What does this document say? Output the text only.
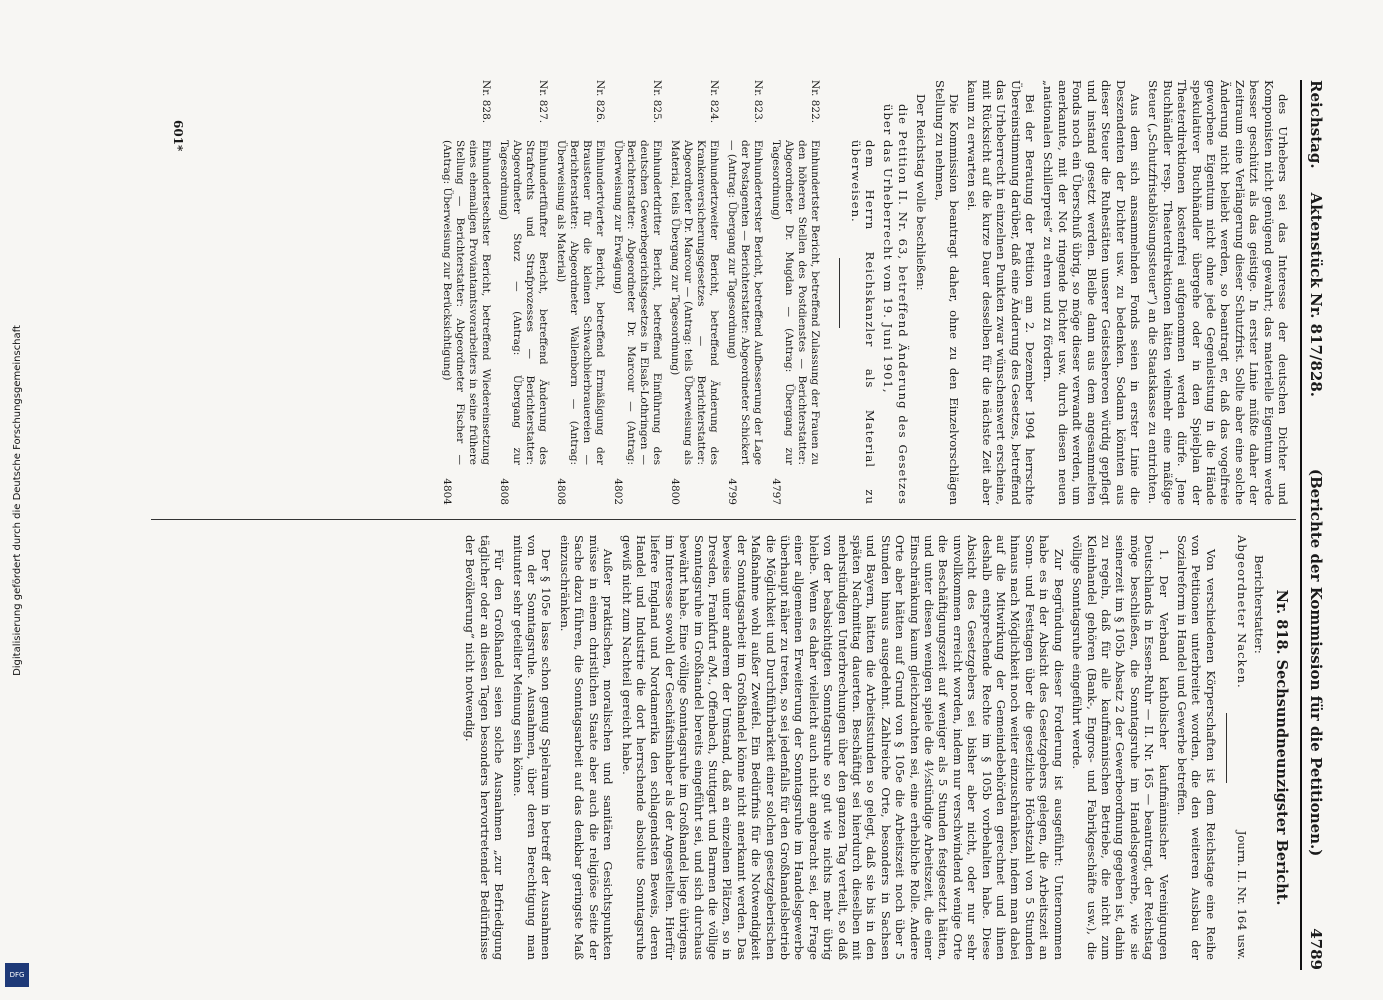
Reichstag.
Aktenstück Nr. 817/828.
(Berichte der Kommission für die Petitionen.)
4789

des Urhebers sei das Interesse der deutschen Dichter und Komponisten nicht genügend gewahrt; das materielle Eigentum werde besser geschützt als das geistige. In erster Linie müßte daher der Zeitraum eine Verlängerung dieser Schutzfrist. Sollte aber eine solche Änderung nicht beliebt werden, so beantragt er, daß das vogelfreie geworbene Eigentum nicht ohne jede Gegenleistung in die Hände spekulativer Buchhändler übergehe oder in den Spielplan der Theaterdirektionen kostenfrei aufgenommen werden dürfe. Jene Buchhändler resp. Theaterdirektionen hätten vielmehr eine mäßige Steuer („Schutzfristablösungssteuer“) an die Staatskasse zu entrichten.

Aus dem sich ansammelnden Fonds seien in erster Linie die Deszendenten der Dichter usw. zu bedenken. Sodann könnten aus dieser Steuer die Ruhestätten unserer Geistesheroen würdig gepflegt und instand gesetzt werden. Bleibe dann aus dem angesammelten Fonds noch ein Überschuß übrig, so möge dieser verwandt werden, um anerkannte, mit der Not ringende Dichter usw. durch diesen neuen „nationalen Schillerpreis“ zu ehren und zu fördern.

Bei der Beratung der Petition am 2. Dezember 1904 herrschte Übereinstimmung darüber, daß eine Änderung des Gesetzes, betreffend das Urheberrecht in einzelnen Punkten zwar wünschenswert erscheine, mit Rücksicht auf die kurze Dauer desselben für die nächste Zeit aber kaum zu erwarten sei.

Die Kommission beantragt daher, ohne zu den Einzelvorschlägen Stellung zu nehmen,

Der Reichstag wolle beschließen:

die Petition II. Nr. 63, betreffend Änderung des Gesetzes über das Urheberrecht vom 19. Juni 1901,

dem Herrn Reichskanzler als Material zu überweisen.

Nr. 822.
Einhundertster Bericht, betreffend Zulassung der Frauen zu den höheren Stellen des Postdienstes — Berichterstatter: Abgeordneter Dr. Mugdan — (Antrag: Übergang zur Tagesordnung)
4797
Nr. 823.
Einhunderterster Bericht, betreffend Aufbesserung der Lage der Postagenten — Berichterstatter: Abgeordneter Schickert — (Antrag: Übergang zur Tagesordnung)
4799
Nr. 824.
Einhundertzweiter Bericht, betreffend Änderung des Krankenversicherungsgesetzes — Berichterstatter: Abgeordneter Dr. Marcour — (Antrag: teils Überweisung als Material, teils Übergang zur Tagesordnung)
4800
Nr. 825.
Einhundertdritter Bericht, betreffend Einführung des deutschen Gewerbegerichtsgesetzes in Elsaß-Lothringen — Berichterstatter: Abgeordneter Dr. Marcour — (Antrag: Überweisung zur Erwägung)
4802
Nr. 826.
Einhundertvierter Bericht, betreffend Ermäßigung der Brausteuer für die kleinen Schwachbierbrauereien — Berichterstatter: Abgeordneter Wallenborn — (Antrag: Überweisung als Material)
4808
Nr. 827.
Einhundertfünfter Bericht, betreffend Änderung des Strafrechts und Strafprozesses — Berichterstatter: Abgeordneter Storz — (Antrag: Übergang zur Tagesordnung)
4808
Nr. 828.
Einhundertsechster Bericht, betreffend Wiedereinsetzung eines ehemaligen Proviantamtsvorarbeiters in seine frühere Stellung — Berichterstatter: Abgeordneter Fischer — (Antrag: Überweisung zur Berücksichtigung)
4804
Nr. 818. Sechsundneunzigster Bericht.
Berichterstatter:
Abgeordneter Nacken.
Journ. II. Nr. 164 usw.

Von verschiedenen Körperschaften ist dem Reichstage eine Reihe von Petitionen unterbreitet worden, die den weiteren Ausbau der Sozialreform in Handel und Gewerbe betreffen.

1. Der Verband katholischer kaufmännischer Vereinigungen Deutschlands in Essen-Ruhr — II. Nr. 165 — beantragt, der Reichstag möge beschließen, die Sonntagsruhe im Handelsgewerbe, wie sie seinerzeit im § 105b Absatz 2 der Gewerbeordnung gegeben ist, dahin zu regeln, daß für alle kaufmännischen Betriebe, die nicht zum Kleinhandel gehören (Bank-, Engros- und Fabrikgeschäfte usw.), die völlige Sonntagsruhe eingeführt werde.

Zur Begründung dieser Forderung ist ausgeführt: Unternommen habe es in der Absicht des Gesetzgebers gelegen, die Arbeitszeit an Sonn- und Festtagen über die gesetzliche Höchstzahl von 5 Stunden hinaus nach Möglichkeit noch weiter einzuschränken, indem man dabei auf die Mitwirkung der Gemeindebehörden gerechnet und ihnen deshalb entsprechende Rechte im § 105b vorbehalten habe. Diese Absicht des Gesetzgebers sei bisher aber nicht, oder nur sehr unvollkommen erreicht worden, indem nur verschwindend wenige Orte die Beschäftigungszeit auf weniger als 5 Stunden festgesetzt hätten, und unter diesen wenigen spiele die 4½stündige Arbeitszeit, die einer Einschränkung kaum gleichzuachten sei, eine erhebliche Rolle. Andere Orte aber hätten auf Grund von § 105e die Arbeitszeit noch über 5 Stunden hinaus ausgedehnt. Zahlreiche Orte, besonders in Sachsen und Bayern, hätten die Arbeitsstunden so gelegt, daß sie bis in den späten Nachmittag dauerten. Beschäftigt sei hierdurch dieselben mit mehrstündigen Unterbrechungen über den ganzen Tag verteilt, so daß von der beabsichtigten Sonntagsruhe so gut wie nichts mehr übrig bleibe. Wenn es daher vielleicht auch nicht angebracht sei, der Frage einer allgemeinen Erweiterung der Sonntagsruhe im Handelsgewerbe überhaupt näher zu treten, so sei jedenfalls für den Großhandelsbetrieb die Möglichkeit und Durchführbarkeit einer solchen gesetzgeberischen Maßnahme wohl außer Zweifel. Ein Bedürfnis für die Notwendigkeit der Sonntagsarbeit im Großhandel könne nicht anerkannt werden. Das beweise unter anderem der Umstand, daß an einzelnen Plätzen, so in Dresden, Frankfurt a/M., Offenbach, Stuttgart und Barmen die völlige Sonntagsruhe im Großhandel bereits eingeführt sei, und sich durchaus bewährt habe. Eine völlige Sonntagsruhe im Großhandel liege übrigens im Interesse sowohl der Geschäftsinhaber als der Angestellten. Hierfür liefere England und Nordamerika den schlagendsten Beweis, deren Handel und Industrie die dort herrschende absolute Sonntagsruhe gewiß nicht zum Nachteil gereicht habe.

Außer praktischen, moralischen und sanitären Gesichtspunkten müsse in einem christlichen Staate aber auch die religiöse Seite der Sache dazu führen, die Sonntagsarbeit auf das denkbar geringste Maß einzuschränken.

Der § 105e lasse schon genug Spielraum in betreff der Ausnahmen von der Sonntagsruhe. Ausnahmen, über deren Berechtigung man mitunter sehr geteilter Meinung sein könne.

Für den Großhandel seien solche Ausnahmen „zur Befriedigung täglicher oder an diesen Tagen besonders hervortretender Bedürfnisse der Bevölkerung“ nicht notwendig.

601*
Digitalisierung gefördert durch die Deutsche Forschungsgemeinschaft
DFG
